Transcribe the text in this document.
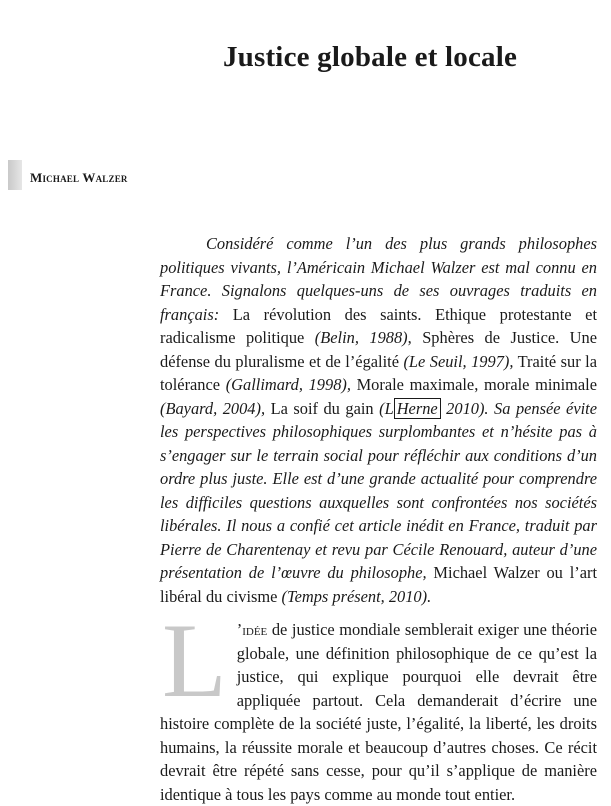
Justice globale et locale
Michael Walzer

Considéré comme l’un des plus grands philosophes politiques vivants, l’Américain Michael Walzer est mal connu en France. Signalons quelques-uns de ses ouvrages traduits en français: La révolution des saints. Ethique protestante et radicalisme politique (Belin, 1988), Sphères de Justice. Une défense du pluralisme et de l’égalité (Le Seuil, 1997), Traité sur la tolérance (Gallimard, 1998), Morale maximale, morale minimale (Bayard, 2004), La soif du gain (L Herne 2010). Sa pensée évite les perspectives philosophiques surplombantes et n’hésite pas à s’engager sur le terrain social pour réfléchir aux conditions d’un ordre plus juste. Elle est d’une grande actualité pour comprendre les difficiles questions auxquelles sont confrontées nos sociétés libérales. Il nous a confié cet article inédit en France, traduit par Pierre de Charentenay et revu par Cécile Renouard, auteur d’une présentation de l’œuvre du philosophe, Michael Walzer ou l’art libéral du civisme (Temps présent, 2010).

L ’idée de justice mondiale semblerait exiger une théorie globale, une définition philosophique de ce qu’est la justice, qui explique pourquoi elle devrait être appliquée partout. Cela demanderait d’écrire une histoire complète de la société juste, l’égalité, la liberté, les droits humains, la réussite morale et beaucoup d’autres choses. Ce récit devrait être répété sans cesse, pour qu’il s’applique de manière identique à tous les pays comme au monde tout entier.
